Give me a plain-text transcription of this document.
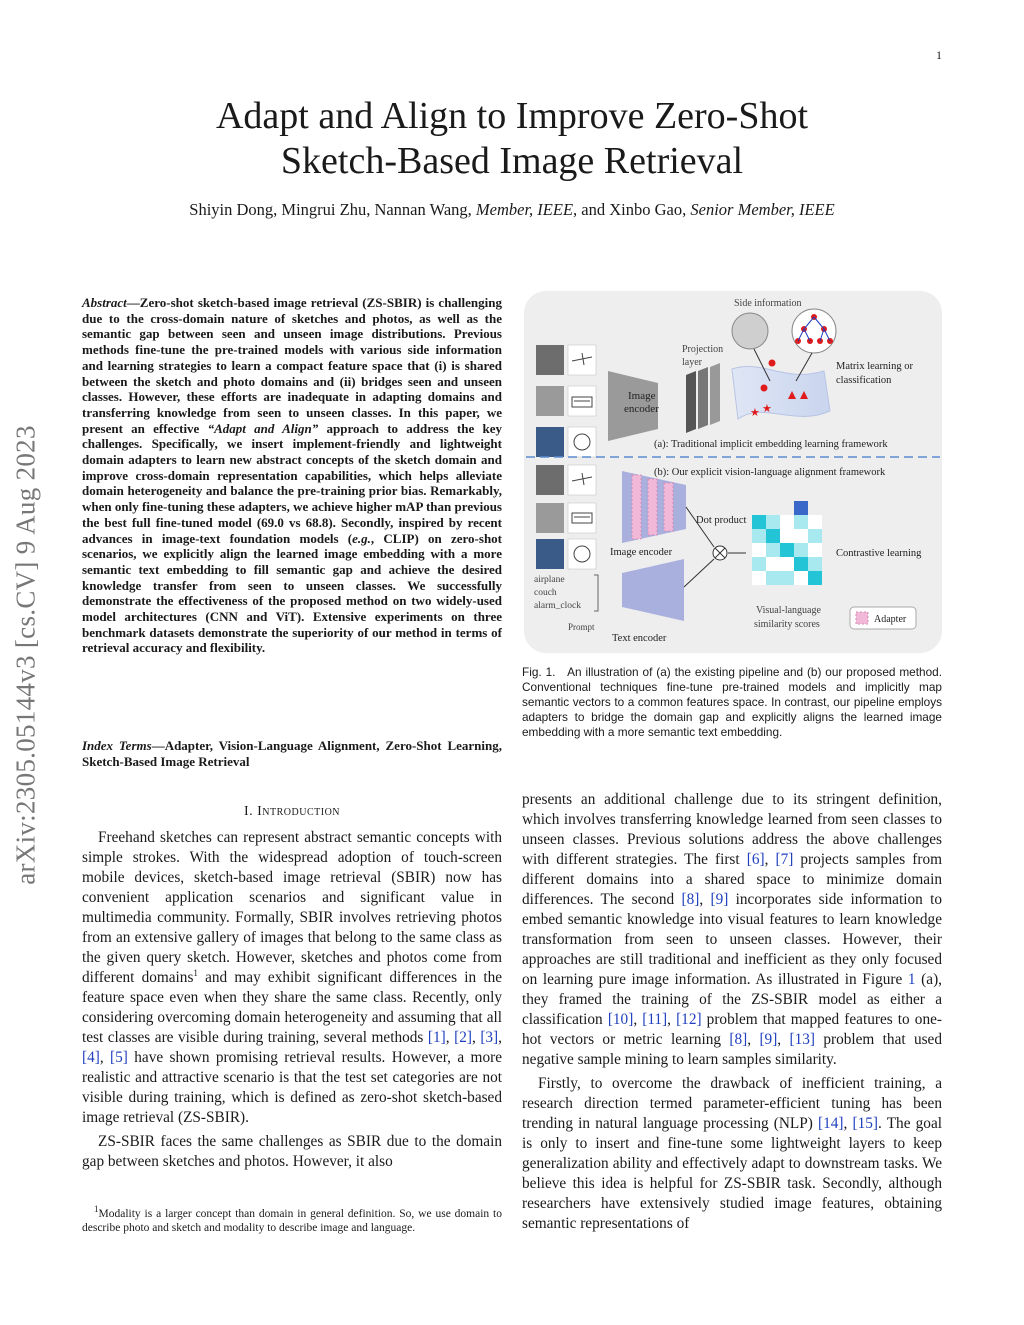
1
Adapt and Align to Improve Zero-Shot
Sketch-Based Image Retrieval
Shiyin Dong, Mingrui Zhu, Nannan Wang, Member, IEEE, and Xinbo Gao, Senior Member, IEEE
arXiv:2305.05144v3 [cs.CV] 9 Aug 2023
Abstract—Zero-shot sketch-based image retrieval (ZS-SBIR) is challenging due to the cross-domain nature of sketches and photos, as well as the semantic gap between seen and unseen image distributions. Previous methods fine-tune the pre-trained models with various side information and learning strategies to learn a compact feature space that (i) is shared between the sketch and photo domains and (ii) bridges seen and unseen classes. However, these efforts are inadequate in adapting domains and transferring knowledge from seen to unseen classes. In this paper, we present an effective “Adapt and Align” approach to address the key challenges. Specifically, we insert implement-friendly and lightweight domain adapters to learn new abstract concepts of the sketch domain and improve cross-domain representation capabilities, which helps alleviate domain heterogeneity and balance the pre-training prior bias. Remarkably, when only fine-tuning these adapters, we achieve higher mAP than previous the best full fine-tuned model (69.0 vs 68.8). Secondly, inspired by recent advances in image-text foundation models (e.g., CLIP) on zero-shot scenarios, we explicitly align the learned image embedding with a more semantic text embedding to fill semantic gap and achieve the desired knowledge transfer from seen to unseen classes. We successfully demonstrate the effectiveness of the proposed method on two widely-used model architectures (CNN and ViT). Extensive experiments on three benchmark datasets demonstrate the superiority of our method in terms of retrieval accuracy and flexibility.
Index Terms—Adapter, Vision-Language Alignment, Zero-Shot Learning, Sketch-Based Image Retrieval
I. Introduction

Freehand sketches can represent abstract semantic concepts with simple strokes. With the widespread adoption of touch-screen mobile devices, sketch-based image retrieval (SBIR) now has convenient application scenarios and significant value in multimedia community. Formally, SBIR involves retrieving photos from an extensive gallery of images that belong to the same class as the given query sketch. However, sketches and photos come from different domains$^1$ and may exhibit significant differences in the feature space even when they share the same class. Recently, only considering overcoming domain heterogeneity and assuming that all test classes are visible during training, several methods [1], [2], [3], [4], [5] have shown promising retrieval results. However, a more realistic and attractive scenario is that the test set categories are not visible during training, which is defined as zero-shot sketch-based image retrieval (ZS-SBIR).

ZS-SBIR faces the same challenges as SBIR due to the domain gap between sketches and photos. However, it also

$^1$Modality is a larger concept than domain in general definition. So, we use domain to describe photo and sketch and modality to describe image and language.

Image
encoder
Projection
layer
Side information
★ ★
Matrix learning or
classification
(a): Traditional implicit embedding learning framework
(b): Our explicit vision-language alignment framework
Image encoder
airplane
couch
alarm_clock
Prompt
Text encoder
Dot product
Contrastive learning
Visual-language
similarity scores	Adapter
Fig. 1. An illustration of (a) the existing pipeline and (b) our proposed method. Conventional techniques fine-tune pre-trained models and implicitly map semantic vectors to a common features space. In contrast, our pipeline employs adapters to bridge the domain gap and explicitly aligns the learned image embedding with a more semantic text embedding.

presents an additional challenge due to its stringent definition, which involves transferring knowledge learned from seen classes to unseen classes. Previous solutions address the above challenges with different strategies. The first [6], [7] projects samples from different domains into a shared space to minimize domain differences. The second [8], [9] incorporates side information to embed semantic knowledge into visual features to learn knowledge transformation from seen to unseen classes. However, their approaches are still traditional and inefficient as they only focused on learning pure image information. As illustrated in Figure 1 (a), they framed the training of the ZS-SBIR model as either a classification [10], [11], [12] problem that mapped features to one-hot vectors or metric learning [8], [9], [13] problem that used negative sample mining to learn samples similarity.

Firstly, to overcome the drawback of inefficient training, a research direction termed parameter-efficient tuning has been trending in natural language processing (NLP) [14], [15]. The goal is only to insert and fine-tune some lightweight layers to keep generalization ability and effectively adapt to downstream tasks. We believe this idea is helpful for ZS-SBIR task. Secondly, although researchers have extensively studied image features, obtaining semantic representations of
